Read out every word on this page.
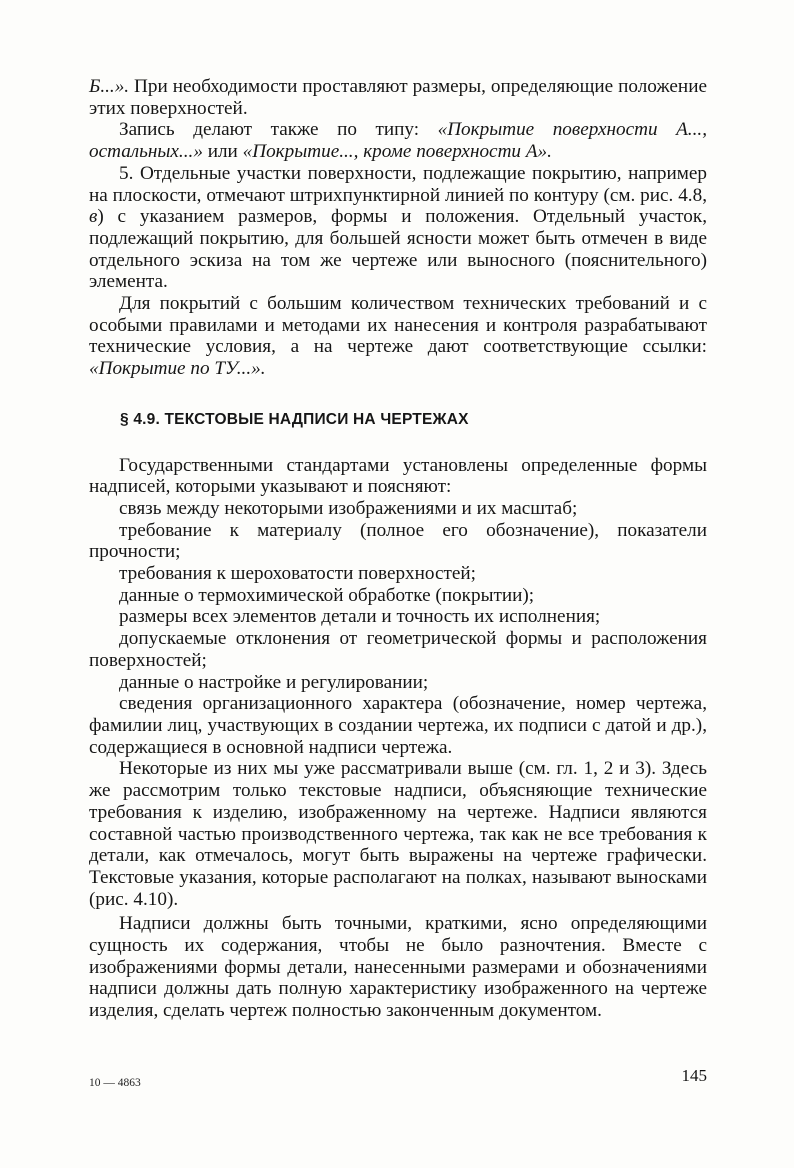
Б...». При необходимости проставляют размеры, определяющие положение этих поверхностей.

Запись делают также по типу: «Покрытие поверхности А..., остальных...» или «Покрытие..., кроме поверхности А».

5. Отдельные участки поверхности, подлежащие покрытию, например на плоскости, отмечают штрихпунктирной линией по контуру (см. рис. 4.8, в) с указанием размеров, формы и положения. Отдельный участок, подлежащий покрытию, для большей ясности может быть отмечен в виде отдельного эскиза на том же чертеже или выносного (пояснительного) элемента.

Для покрытий с большим количеством технических требований и с особыми правилами и методами их нанесения и контроля разрабатывают технические условия, а на чертеже дают соответствующие ссылки: «Покрытие по ТУ...».

§ 4.9. ТЕКСТОВЫЕ НАДПИСИ НА ЧЕРТЕЖАХ

Государственными стандартами установлены определенные формы надписей, которыми указывают и поясняют:

связь между некоторыми изображениями и их масштаб;

требование к материалу (полное его обозначение), показатели прочности;

требования к шероховатости поверхностей;

данные о термохимической обработке (покрытии);

размеры всех элементов детали и точность их исполнения;

допускаемые отклонения от геометрической формы и расположения поверхностей;

данные о настройке и регулировании;

сведения организационного характера (обозначение, номер чертежа, фамилии лиц, участвующих в создании чертежа, их подписи с датой и др.), содержащиеся в основной надписи чертежа.

Некоторые из них мы уже рассматривали выше (см. гл. 1, 2 и 3). Здесь же рассмотрим только текстовые надписи, объясняющие технические требования к изделию, изображенному на чертеже. Надписи являются составной частью производственного чертежа, так как не все требования к детали, как отмечалось, могут быть выражены на чертеже графически. Текстовые указания, которые располагают на полках, называют выносками (рис. 4.10).

Надписи должны быть точными, краткими, ясно определяющими сущность их содержания, чтобы не было разночтения. Вместе с изображениями формы детали, нанесенными размерами и обозначениями надписи должны дать полную характеристику изображенного на чертеже изделия, сделать чертеж полностью законченным документом.

10 — 4863	145
